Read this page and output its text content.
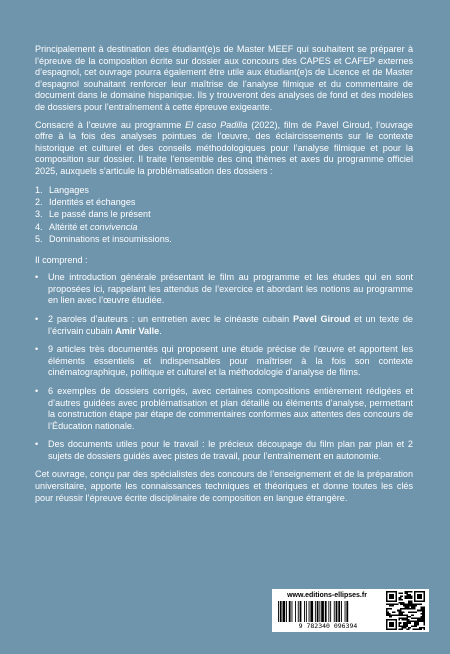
Principalement à destination des étudiant(e)s de Master MEEF qui souhaitent se préparer à l’épreuve de la composition écrite sur dossier aux concours des CAPES et CAFEP externes d’espagnol, cet ouvrage pourra également être utile aux étudiant(e)s de Licence et de Master d’espagnol souhaitant renforcer leur maîtrise de l’analyse filmique et du commentaire de document dans le domaine hispanique. Ils y trouveront des analyses de fond et des modèles de dossiers pour l’entraînement à cette épreuve exigeante.

Consacré à l’œuvre au programme El caso Padilla (2022), film de Pavel Giroud, l’ouvrage offre à la fois des analyses pointues de l’œuvre, des éclaircissements sur le contexte historique et culturel et des conseils méthodologiques pour l’analyse filmique et pour la composition sur dossier. Il traite l’ensemble des cinq thèmes et axes du programme officiel 2025, auxquels s’articule la problématisation des dossiers :

1. Langages
2. Identités et échanges
3. Le passé dans le présent
4. Altérité et convivencia
5. Dominations et insoumissions.

Il comprend :

• Une introduction générale présentant le film au programme et les études qui en sont proposées ici, rappelant les attendus de l’exercice et abordant les notions au programme en lien avec l’œuvre étudiée.
• 2 paroles d’auteurs : un entretien avec le cinéaste cubain Pavel Giroud et un texte de l’écrivain cubain Amir Valle.
• 9 articles très documentés qui proposent une étude précise de l’œuvre et apportent les éléments essentiels et indispensables pour maîtriser à la fois son contexte cinématographique, politique et culturel et la méthodologie d’analyse de films.
• 6 exemples de dossiers corrigés, avec certaines compositions entièrement rédigées et d’autres guidées avec problématisation et plan détaillé ou éléments d’analyse, permettant la construction étape par étape de commentaires conformes aux attentes des concours de l’Éducation nationale.
• Des documents utiles pour le travail : le précieux découpage du film plan par plan et 2 sujets de dossiers guidés avec pistes de travail, pour l’entraînement en autonomie.

Cet ouvrage, conçu par des spécialistes des concours de l’enseignement et de la préparation universitaire, apporte les connaissances techniques et théoriques et donne toutes les clés pour réussir l’épreuve écrite disciplinaire de composition en langue étrangère.

www.editions-ellipses.fr
9 782340 096394
